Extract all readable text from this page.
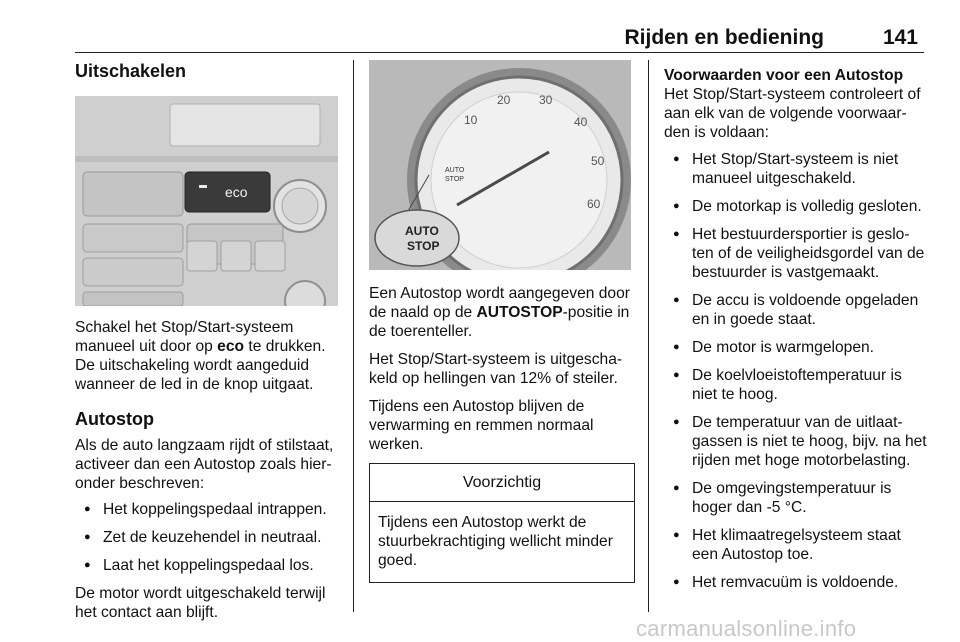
Rijden en bediening	141
Uitschakelen
eco

Schakel het Stop/Start-systeem manueel uit door op eco te drukken. De uitschakeling wordt aangeduid wanneer de led in de knop uitgaat.

Autostop

Als de auto langzaam rijdt of stilstaat, activeer dan een Autostop zoals hier-onder beschreven:

● Het koppelingspedaal intrappen.
● Zet de keuzehendel in neutraal.
● Laat het koppelingspedaal los.

De motor wordt uitgeschakeld terwijl het contact aan blijft.

10
20 30
40
50
60
AUTO
STOP
AUTO
STOP

Een Autostop wordt aangegeven door de naald op de AUTOSTOP-positie in de toerenteller.

Het Stop/Start-systeem is uitgescha-keld op hellingen van 12% of steiler.

Tijdens een Autostop blijven de verwarming en remmen normaal werken.

Voorzichtig
Tijdens een Autostop werkt de stuurbekrachtiging wellicht minder goed.
Voorwaarden voor een Autostop

Het Stop/Start-systeem controleert of aan elk van de volgende voorwaar-den is voldaan:

● Het Stop/Start-systeem is niet manueel uitgeschakeld.
● De motorkap is volledig gesloten.
● Het bestuurdersportier is geslo-ten of de veiligheidsgordel van de bestuurder is vastgemaakt.
● De accu is voldoende opgeladen en in goede staat.
● De motor is warmgelopen.
● De koelvloeistoftemperatuur is niet te hoog.
● De temperatuur van de uitlaat-gassen is niet te hoog, bijv. na het rijden met hoge motorbelasting.
● De omgevingstemperatuur is hoger dan -5 °C.
● Het klimaatregelsysteem staat een Autostop toe.
● Het remvacuüm is voldoende.
carmanualsonline.info
